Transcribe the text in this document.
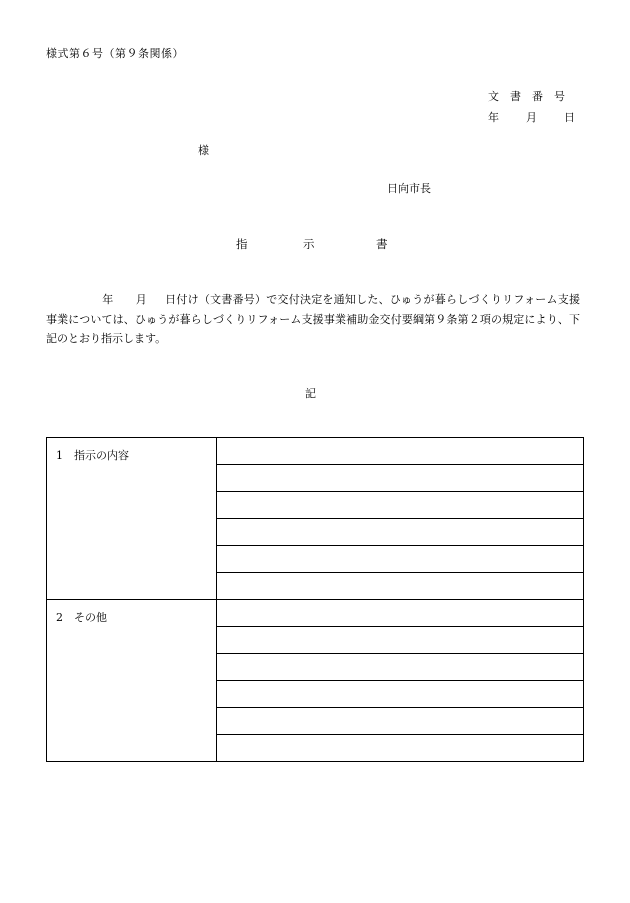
様式第６号（第９条関係）
文 書 番 号
年 月 日
様
日向市長
指	示	書
年 月 日付け（文書番号）で交付決定を通知した、ひゅうが暮らしづくりリフォーム支援事業については、ひゅうが暮らしづくりリフォーム支援事業補助金交付要綱第９条第２項の規定により、下記のとおり指示します。
記
1　指示の内容	

2　その他	
